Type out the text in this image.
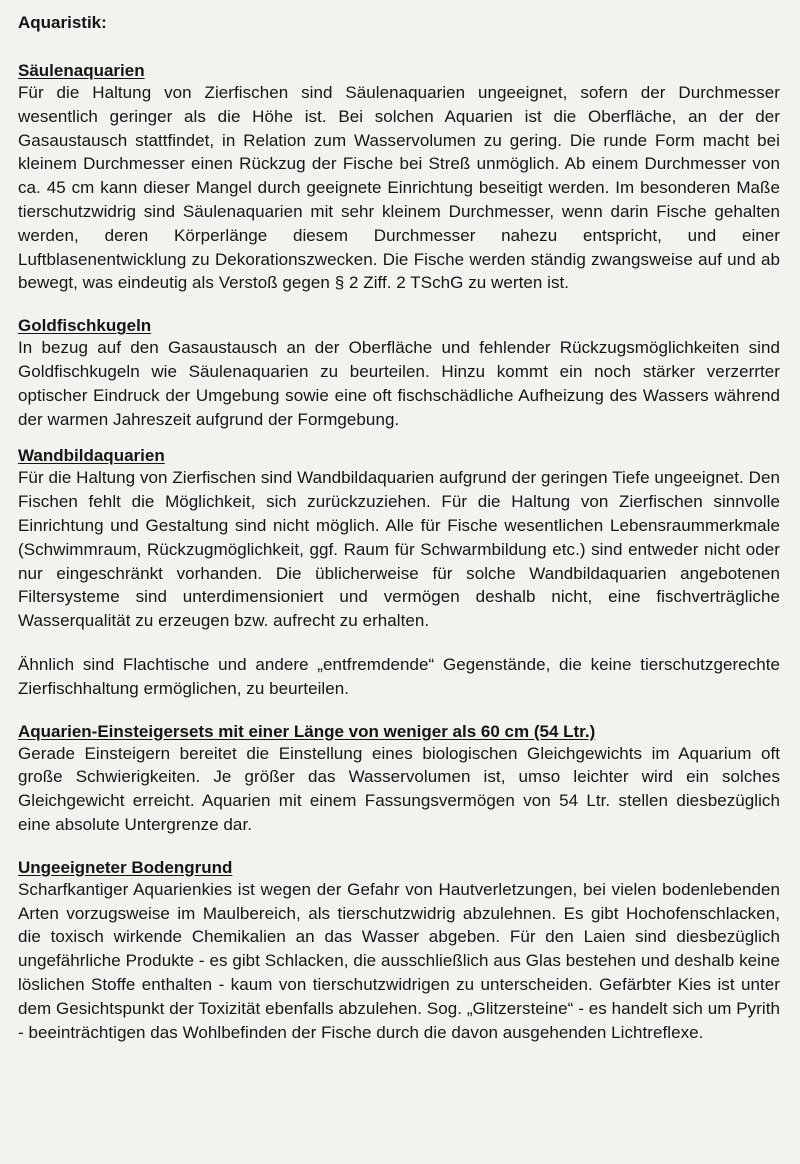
Aquaristik:
Säulenaquarien

Für die Haltung von Zierfischen sind Säulenaquarien ungeeignet, sofern der Durchmesser wesentlich geringer als die Höhe ist. Bei solchen Aquarien ist die Oberfläche, an der der Gasaustausch stattfindet, in Relation zum Wasservolumen zu gering. Die runde Form macht bei kleinem Durchmesser einen Rückzug der Fische bei Streß unmöglich. Ab einem Durchmesser von ca. 45 cm kann dieser Mangel durch geeignete Einrichtung beseitigt werden. Im besonderen Maße tierschutzwidrig sind Säulenaquarien mit sehr kleinem Durchmesser, wenn darin Fische gehalten werden, deren Körperlänge diesem Durchmesser nahezu entspricht, und einer Luftblasenentwicklung zu Dekorationszwecken. Die Fische werden ständig zwangsweise auf und ab bewegt, was eindeutig als Verstoß gegen § 2 Ziff. 2 TSchG zu werten ist.

Goldfischkugeln

In bezug auf den Gasaustausch an der Oberfläche und fehlender Rückzugsmöglichkeiten sind Goldfischkugeln wie Säulenaquarien zu beurteilen. Hinzu kommt ein noch stärker verzerrter optischer Eindruck der Umgebung sowie eine oft fischschädliche Aufheizung des Wassers während der warmen Jahreszeit aufgrund der Formgebung.

Wandbildaquarien

Für die Haltung von Zierfischen sind Wandbildaquarien aufgrund der geringen Tiefe ungeeignet. Den Fischen fehlt die Möglichkeit, sich zurückzuziehen. Für die Haltung von Zierfischen sinnvolle Einrichtung und Gestaltung sind nicht möglich. Alle für Fische wesentlichen Lebensraummerkmale (Schwimmraum, Rückzugmöglichkeit, ggf. Raum für Schwarmbildung etc.) sind entweder nicht oder nur eingeschränkt vorhanden. Die üblicherweise für solche Wandbildaquarien angebotenen Filtersysteme sind unterdimensioniert und vermögen deshalb nicht, eine fischverträgliche Wasserqualität zu erzeugen bzw. aufrecht zu erhalten.

Ähnlich sind Flachtische und andere „entfremdende“ Gegenstände, die keine tierschutzgerechte Zierfischhaltung ermöglichen, zu beurteilen.

Aquarien-Einsteigersets mit einer Länge von weniger als 60 cm (54 Ltr.)

Gerade Einsteigern bereitet die Einstellung eines biologischen Gleichgewichts im Aquarium oft große Schwierigkeiten. Je größer das Wasservolumen ist, umso leichter wird ein solches Gleichgewicht erreicht. Aquarien mit einem Fassungsvermögen von 54 Ltr. stellen diesbezüglich eine absolute Untergrenze dar.

Ungeeigneter Bodengrund

Scharfkantiger Aquarienkies ist wegen der Gefahr von Hautverletzungen, bei vielen bodenlebenden Arten vorzugsweise im Maulbereich, als tierschutzwidrig abzulehnen. Es gibt Hochofenschlacken, die toxisch wirkende Chemikalien an das Wasser abgeben. Für den Laien sind diesbezüglich ungefährliche Produkte - es gibt Schlacken, die ausschließlich aus Glas bestehen und deshalb keine löslichen Stoffe enthalten - kaum von tierschutzwidrigen zu unterscheiden. Gefärbter Kies ist unter dem Gesichtspunkt der Toxizität ebenfalls abzulehen. Sog. „Glitzersteine“ - es handelt sich um Pyrith - beeinträchtigen das Wohlbefinden der Fische durch die davon ausgehenden Lichtreflexe.
